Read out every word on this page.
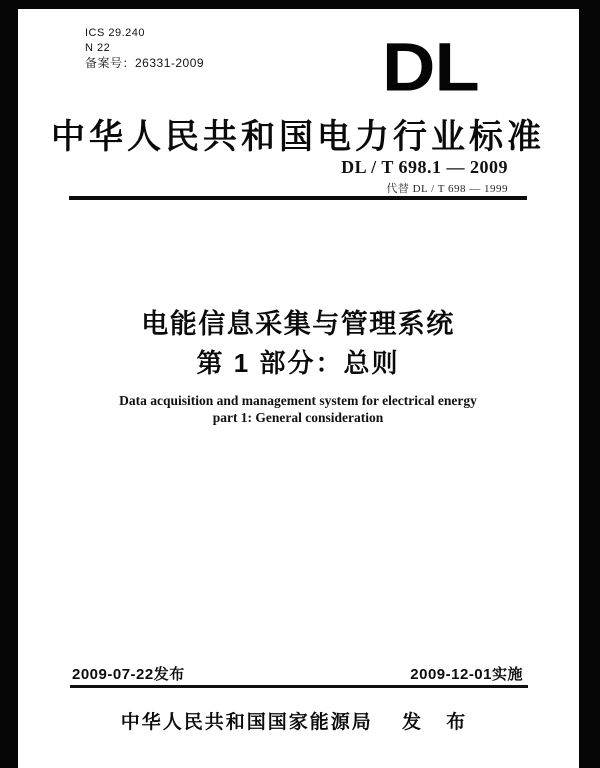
ICS 29.240
N 22
备案号：26331-2009 DL
中华人民共和国电力行业标准
DL / T 698.1 — 2009
代替 DL / T 698 — 1999
电能信息采集与管理系统
第 1 部分：总则
Data acquisition and management system for electrical energy
part 1: General consideration
2009-07-22发布	2009-12-01实施
中华人民共和国国家能源局 发 布
